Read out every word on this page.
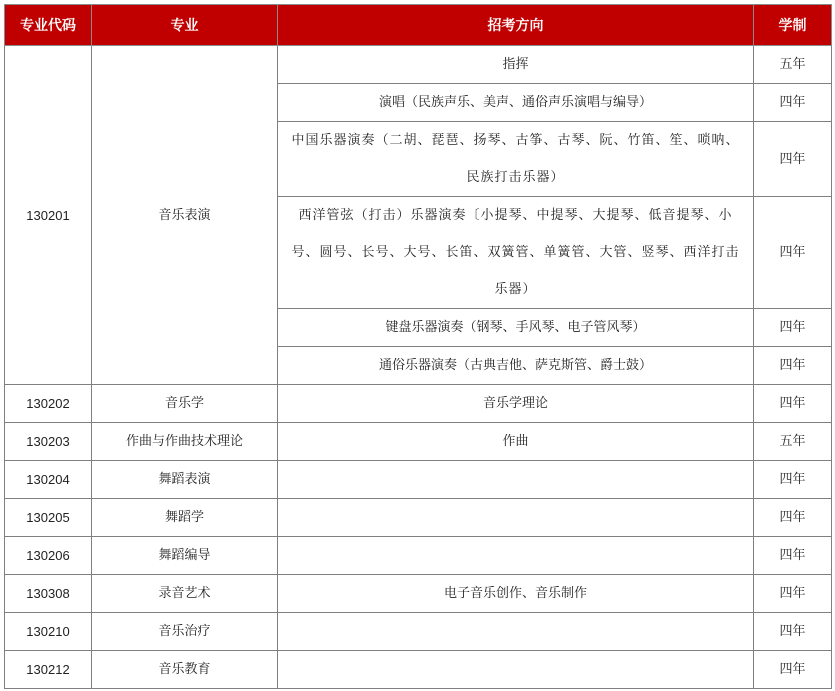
专业代码	专业	招考方向	学制
130201	音乐表演	指挥	五年
		演唱（民族声乐、美声、通俗声乐演唱与编导）	四年
		中国乐器演奏（二胡、琵琶、扬琴、古筝、古琴、阮、竹笛、笙、唢呐、民族打击乐器）	四年
		西洋管弦（打击）乐器演奏〔小提琴、中提琴、大提琴、低音提琴、小号、圆号、长号、大号、长笛、双簧管、单簧管、大管、竖琴、西洋打击乐器）	四年
		键盘乐器演奏（钢琴、手风琴、电子管风琴）	四年
		通俗乐器演奏（古典吉他、萨克斯管、爵士鼓）	四年
130202	音乐学	音乐学理论	四年
130203	作曲与作曲技术理论	作曲	五年
130204	舞蹈表演		四年
130205	舞蹈学		四年
130206	舞蹈编导		四年
130308	录音艺术	电子音乐创作、音乐制作	四年
130210	音乐治疗		四年
130212	音乐教育		四年
